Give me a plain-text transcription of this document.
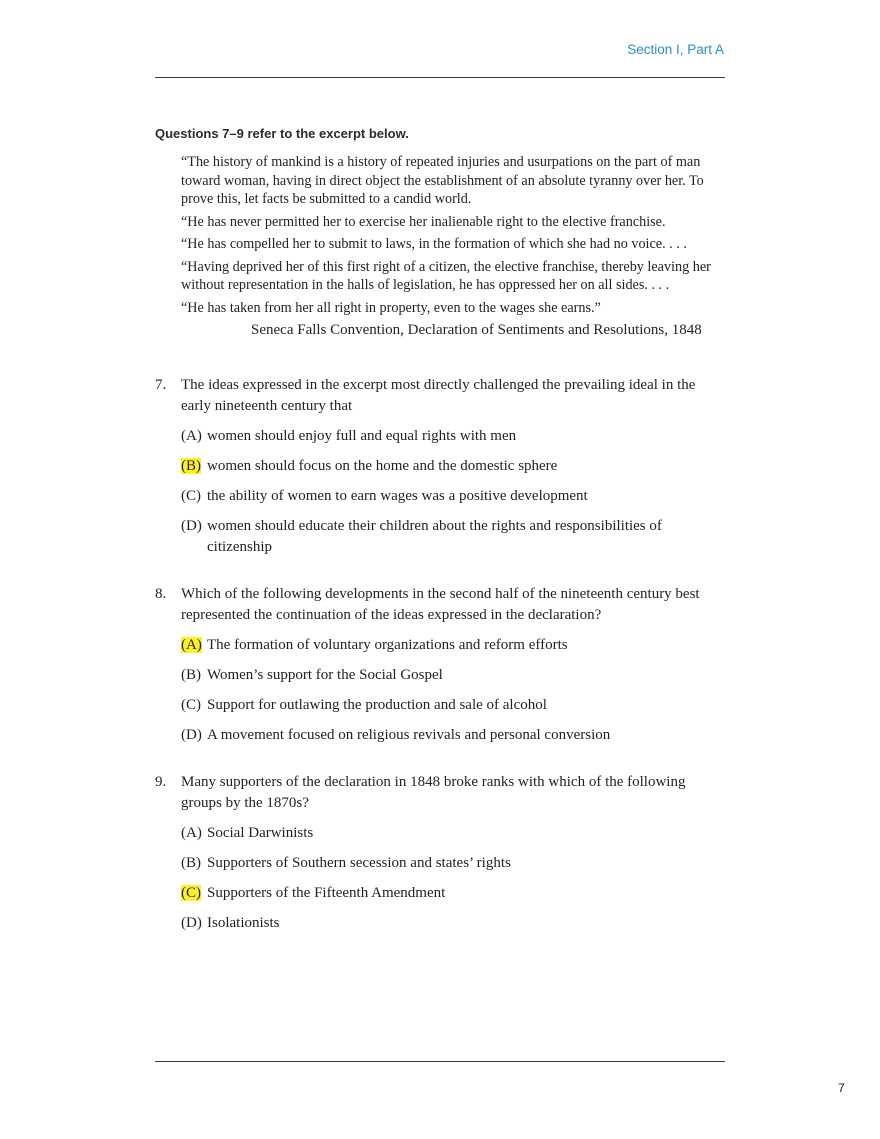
Section I, Part A
Questions 7–9 refer to the excerpt below.

“The history of mankind is a history of repeated injuries and usurpations on the part of man toward woman, having in direct object the establishment of an absolute tyranny over her. To prove this, let facts be submitted to a candid world.

“He has never permitted her to exercise her inalienable right to the elective franchise.

“He has compelled her to submit to laws, in the formation of which she had no voice. . . .

“Having deprived her of this first right of a citizen, the elective franchise, thereby leaving her without representation in the halls of legislation, he has oppressed her on all sides. . . .

“He has taken from her all right in property, even to the wages she earns.”

Seneca Falls Convention, Declaration of Sentiments and Resolutions, 1848
7. The ideas expressed in the excerpt most directly challenged the prevailing ideal in the early nineteenth century that
(A) women should enjoy full and equal rights with men
(B) women should focus on the home and the domestic sphere
(C) the ability of women to earn wages was a positive development
(D) women should educate their children about the rights and responsibilities of citizenship
8. Which of the following developments in the second half of the nineteenth century best represented the continuation of the ideas expressed in the declaration?
(A) The formation of voluntary organizations and reform efforts
(B) Women’s support for the Social Gospel
(C) Support for outlawing the production and sale of alcohol
(D) A movement focused on religious revivals and personal conversion
9. Many supporters of the declaration in 1848 broke ranks with which of the following groups by the 1870s?
(A) Social Darwinists
(B) Supporters of Southern secession and states’ rights
(C) Supporters of the Fifteenth Amendment
(D) Isolationists
7
